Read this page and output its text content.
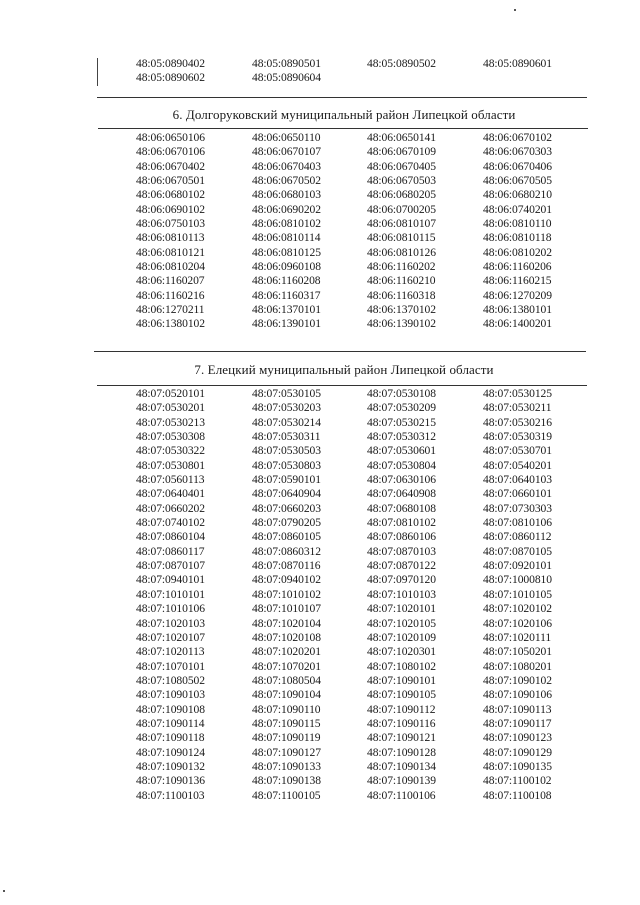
48:05:0890402	48:05:0890501	48:05:0890502	48:05:0890601
48:05:0890602	48:05:0890604
6. Долгоруковский муниципальный район Липецкой области
48:06:0650106	48:06:0650110	48:06:0650141	48:06:0670102
48:06:0670106	48:06:0670107	48:06:0670109	48:06:0670303
48:06:0670402	48:06:0670403	48:06:0670405	48:06:0670406
48:06:0670501	48:06:0670502	48:06:0670503	48:06:0670505
48:06:0680102	48:06:0680103	48:06:0680205	48:06:0680210
48:06:0690102	48:06:0690202	48:06:0700205	48:06:0740201
48:06:0750103	48:06:0810102	48:06:0810107	48:06:0810110
48:06:0810113	48:06:0810114	48:06:0810115	48:06:0810118
48:06:0810121	48:06:0810125	48:06:0810126	48:06:0810202
48:06:0810204	48:06:0960108	48:06:1160202	48:06:1160206
48:06:1160207	48:06:1160208	48:06:1160210	48:06:1160215
48:06:1160216	48:06:1160317	48:06:1160318	48:06:1270209
48:06:1270211	48:06:1370101	48:06:1370102	48:06:1380101
48:06:1380102	48:06:1390101	48:06:1390102	48:06:1400201
7. Елецкий муниципальный район Липецкой области
48:07:0520101	48:07:0530105	48:07:0530108	48:07:0530125
48:07:0530201	48:07:0530203	48:07:0530209	48:07:0530211
48:07:0530213	48:07:0530214	48:07:0530215	48:07:0530216
48:07:0530308	48:07:0530311	48:07:0530312	48:07:0530319
48:07:0530322	48:07:0530503	48:07:0530601	48:07:0530701
48:07:0530801	48:07:0530803	48:07:0530804	48:07:0540201
48:07:0560113	48:07:0590101	48:07:0630106	48:07:0640103
48:07:0640401	48:07:0640904	48:07:0640908	48:07:0660101
48:07:0660202	48:07:0660203	48:07:0680108	48:07:0730303
48:07:0740102	48:07:0790205	48:07:0810102	48:07:0810106
48:07:0860104	48:07:0860105	48:07:0860106	48:07:0860112
48:07:0860117	48:07:0860312	48:07:0870103	48:07:0870105
48:07:0870107	48:07:0870116	48:07:0870122	48:07:0920101
48:07:0940101	48:07:0940102	48:07:0970120	48:07:1000810
48:07:1010101	48:07:1010102	48:07:1010103	48:07:1010105
48:07:1010106	48:07:1010107	48:07:1020101	48:07:1020102
48:07:1020103	48:07:1020104	48:07:1020105	48:07:1020106
48:07:1020107	48:07:1020108	48:07:1020109	48:07:1020111
48:07:1020113	48:07:1020201	48:07:1020301	48:07:1050201
48:07:1070101	48:07:1070201	48:07:1080102	48:07:1080201
48:07:1080502	48:07:1080504	48:07:1090101	48:07:1090102
48:07:1090103	48:07:1090104	48:07:1090105	48:07:1090106
48:07:1090108	48:07:1090110	48:07:1090112	48:07:1090113
48:07:1090114	48:07:1090115	48:07:1090116	48:07:1090117
48:07:1090118	48:07:1090119	48:07:1090121	48:07:1090123
48:07:1090124	48:07:1090127	48:07:1090128	48:07:1090129
48:07:1090132	48:07:1090133	48:07:1090134	48:07:1090135
48:07:1090136	48:07:1090138	48:07:1090139	48:07:1100102
48:07:1100103	48:07:1100105	48:07:1100106	48:07:1100108
